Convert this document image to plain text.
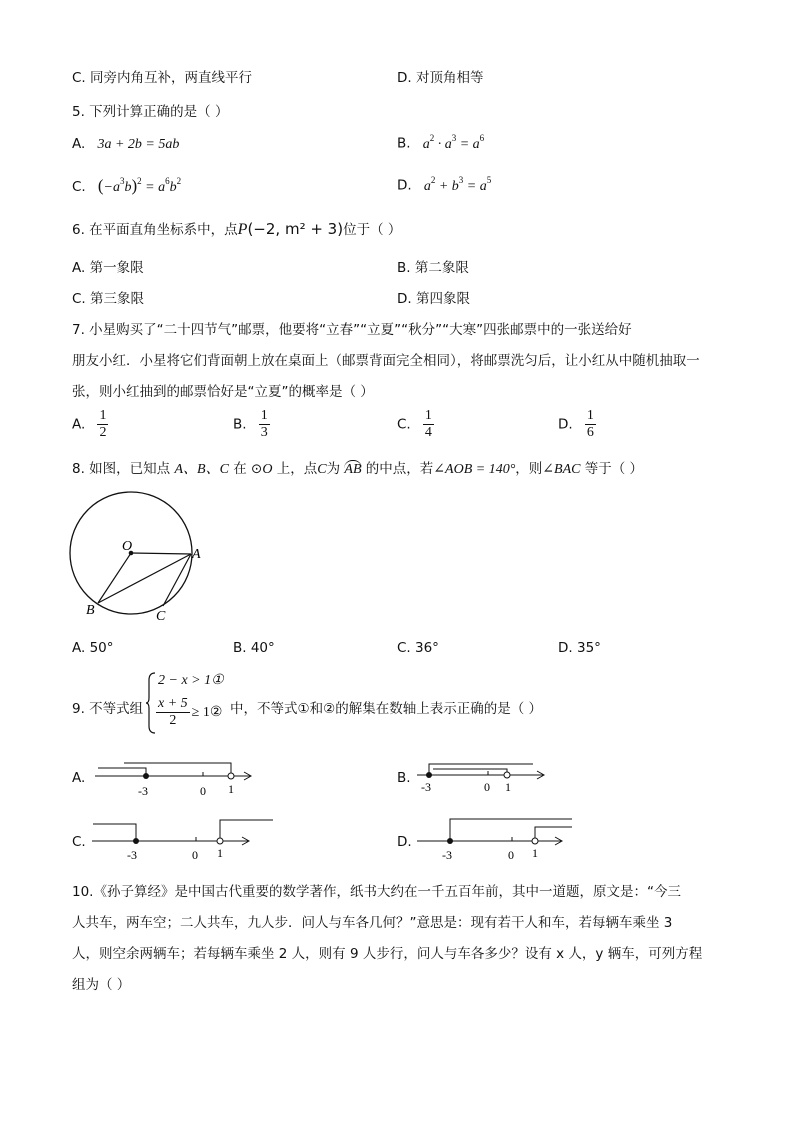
C. 同旁内角互补，两直线平行	D. 对顶角相等
5. 下列计算正确的是（ ）
A. 3a + 2b = 5ab	B. $a^2 \cdot a^3 = a^6$
C. $(-a^3b)^2 = a^6b^2$	D. $a^2 + b^3 = a^5$
6. 在平面直角坐标系中，点P(−2, m² + 3)位于（ ）
A. 第一象限	B. 第二象限
C. 第三象限	D. 第四象限
7. 小星购买了“二十四节气”邮票，他要将“立春”“立夏”“秋分”“大寒”四张邮票中的一张送给好
朋友小红．小星将它们背面朝上放在桌面上（邮票背面完全相同），将邮票洗匀后，让小红从中随机抽取一
张，则小红抽到的邮票恰好是“立夏”的概率是（ ）
A. $\frac{1}{2}$	B. $\frac{1}{3}$	C. $\frac{1}{4}$	D. $\frac{1}{6}$
8. 如图，已知点 A、B、C 在 ⊙O 上，点C为 AB 的中点，若∠AOB = 140°，则∠BAC 等于（ ）
O
A
B	C
A. 50°	B. 40°	C. 36°	D. 35°
9. 不等式组
2 − x > 1①
$\frac{x + 5}{2}$ ≥ 1② 中，不等式①和②的解集在数轴上表示正确的是（ ）
A.
-3	0 1
B.
-3	0 1
C.
-3	0 1
D.
-3	0 1
10.《孙子算经》是中国古代重要的数学著作，纸书大约在一千五百年前，其中一道题，原文是：“今三
人共车，两车空；二人共车，九人步．问人与车各几何？”意思是：现有若干人和车，若每辆车乘坐 3
人，则空余两辆车；若每辆车乘坐 2 人，则有 9 人步行，问人与车各多少？设有 x 人，y 辆车，可列方程
组为（ ）
